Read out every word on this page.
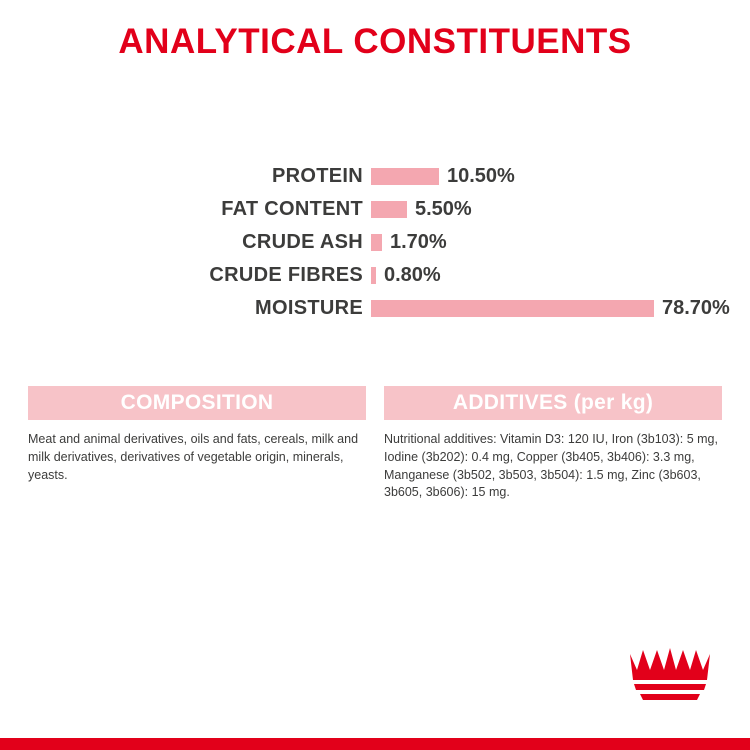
ANALYTICAL CONSTITUENTS
PROTEIN	10.50%
FAT CONTENT	5.50%
CRUDE ASH	1.70%
CRUDE FIBRES	0.80%
MOISTURE	78.70%
COMPOSITION
Meat and animal derivatives, oils and fats, cereals, milk and milk derivatives, derivatives of vegetable origin, minerals, yeasts.
ADDITIVES (per kg)
Nutritional additives: Vitamin D3: 120 IU, Iron (3b103): 5 mg, Iodine (3b202): 0.4 mg, Copper (3b405, 3b406): 3.3 mg, Manganese (3b502, 3b503, 3b504): 1.5 mg, Zinc (3b603, 3b605, 3b606): 15 mg.
